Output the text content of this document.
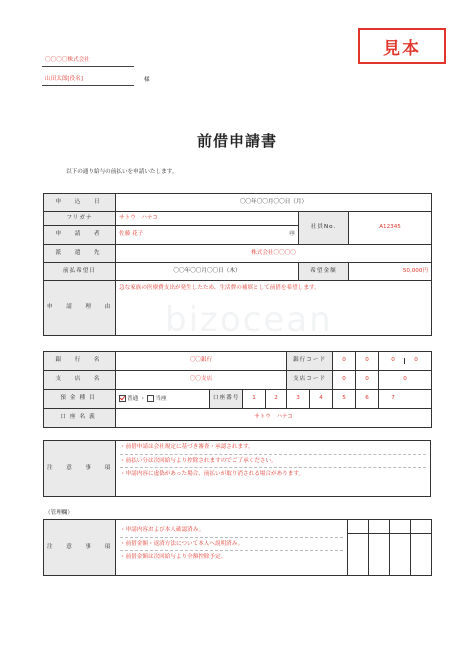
見本
〇〇〇〇株式会社
山田太郎[役名]	様
bizocean
前借申請書
以下の通り給与の前払いを申請いたします。
申　込　日	〇〇年〇〇月〇〇日（月）		
フリガナ	サトウ　ハナコ	社員No.	A12345
申　請　者	佐藤 花子 ㊞		

派　遣　先	株式会社〇〇〇〇		
前払希望日	〇〇年〇〇月〇〇日（木）	希望金額	50,000円
申　請　理　由	急な家族の医療費支出が発生したため、生活費の補填として前借を希望します。		
銀　行　名	〇〇銀行				銀行コード		0	0	0 0
支　店　名	〇〇支店				支店コード		0	0	0
預金種目	普通 ・ 当座	口座番号	1	2	3	4	5	6	7
口座名義	サトウ　ハナコ								
注　意　事　項	
・前借申請は会社規定に基づき審査・承認されます。
・前払い分は次回給与より控除されますのでご了承ください。
・申請内容に虚偽があった場合、前払いが取り消される場合があります。
（管理欄）
注　意　事　項	・申請内容および本人確認済み。
・前借金額・返済方法について本人へ説明済み。
・前借金額は次回給与より全額控除予定。				
